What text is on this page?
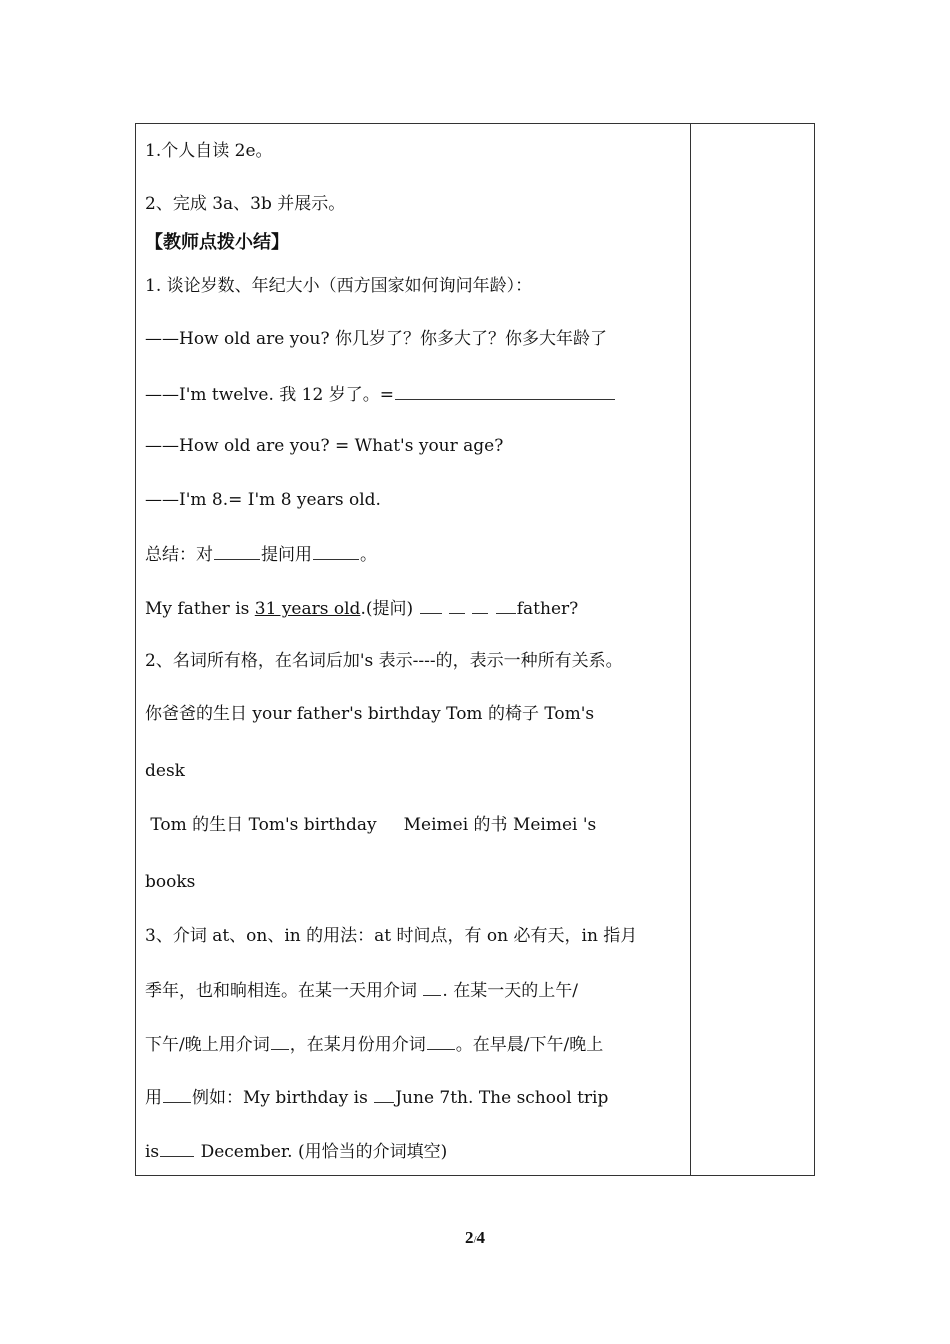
1.个人自读 2e。
2、完成 3a、3b 并展示。
【教师点拨小结】
1. 谈论岁数、年纪大小（西方国家如何询问年龄）：
——How old are you? 你几岁了？你多大了？你多大年龄了
——I'm twelve. 我 12 岁了。=
——How old are you? = What's your age?
——I'm 8.= I'm 8 years old.
总结：对	提问用	。
My father is 31 years old.(提问)	father?
2、名词所有格，在名词后加's 表示----的，表示一种所有关系。
你爸爸的生日 your father's birthday Tom 的椅子 Tom's
desk
Tom 的生日 Tom's birthday     Meimei 的书 Meimei 's
books
3、介词 at、on、in 的用法：at 时间点，有 on 必有天，in 指月
季年，也和晌相连。在某一天用介词 . 在某一天的上午/
下午/晚上用介词 ，在某月份用介词 。在早晨/下午/晚上
用 例如：My birthday is June 7th. The school trip
is December. (用恰当的介词填空)
2/4
